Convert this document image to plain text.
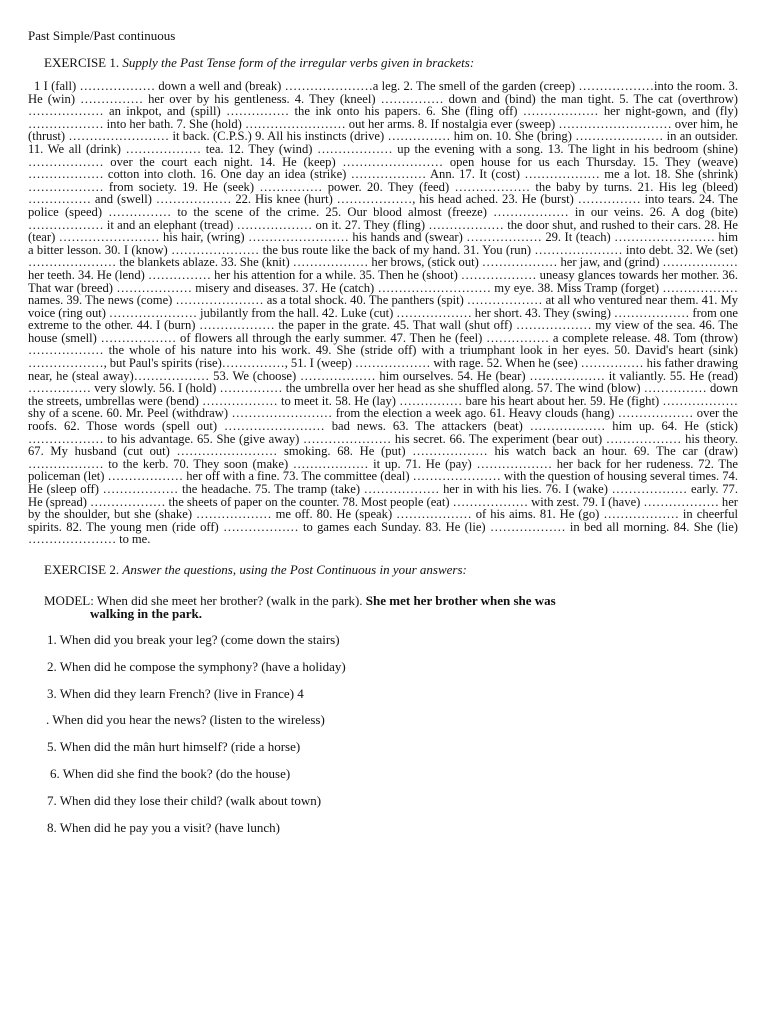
Past Simple/Past continuous
EXERCISE 1. Supply the Past Tense form of the irregular verbs given in brackets:
1 I (fall) ……………… down a well and (break) …………………a leg. 2. The smell of the garden (creep) ………………into the room. 3. He (win) …………… her over by his gentleness. 4. They (kneel) …………… down and (bind) the man tight. 5. The cat (overthrow) ……………… an inkpot, and (spill) …………… the ink onto his papers. 6. She (fling off) ……………… her night-gown, and (fly) ……………… into her bath. 7. She (hold) …………………… out her arms. 8. If nostalgia ever (sweep) ……………………… over him, he (thrust) …………………… it back. (C.P.S.) 9. All his instincts (drive) …………… him on. 10. She (bring) ………………… in an outsider. 11. We all (drink) ……………… tea. 12. They (wind) ……………… up the evening with a song. 13. The light in his bedroom (shine) ……………… over the court each night. 14. He (keep) …………………… open house for us each Thursday. 15. They (weave) ……………… cotton into cloth. 16. One day an idea (strike) ……………… Ann. 17. It (cost) ……………… me a lot. 18. She (shrink) ……………… from society. 19. He (seek) …………… power. 20. They (feed) ……………… the baby by turns. 21. His leg (bleed) …………… and (swell) ……………… 22. His knee (hurt) ………………, his head ached. 23. He (burst) …………… into tears. 24. The police (speed) …………… to the scene of the crime. 25. Our blood almost (freeze) ……………… in our veins. 26. A dog (bite) ……………… it and an elephant (tread) ……………… on it. 27. They (fling) ……………… the door shut, and rushed to their cars. 28. He (tear) …………………… his hair, (wring) …………………… his hands and (swear) ……………… 29. It (teach) …………………… him a bitter lesson. 30. I (know) ………………… the bus route like the back of my hand. 31. You (run) ………………… into debt. 32. We (set) ………………… the blankets ablaze. 33. She (knit) ……………… her brows, (stick out) ……………… her jaw, and (grind) ……………… her teeth. 34. He (lend) …………… her his attention for a while. 35. Then he (shoot) ……………… uneasy glances towards her mother. 36. That war (breed) ……………… misery and diseases. 37. He (catch) ……………………… my eye. 38. Miss Tramp (forget) ……………… names. 39. The news (come) ………………… as a total shock. 40. The panthers (spit) ……………… at all who ventured near them. 41. My voice (ring out) ………………… jubilantly from the hall. 42. Luke (cut) ……………… her short. 43. They (swing) ……………… from one extreme to the other. 44. I (burn) ……………… the paper in the grate. 45. That wall (shut off) ……………… my view of the sea. 46. The house (smell) ……………… of flowers all through the early summer. 47. Then he (feel) …………… a complete release. 48. Tom (throw) ……………… the whole of his nature into his work. 49. She (stride off) with a triumphant look in her eyes. 50. David's heart (sink) ………………, but Paul's spirits (rise)……………, 51. I (weep) ……………… with rage. 52. When he (see) …………… his father drawing near, he (steal away)……………… 53. We (choose) ……………… him ourselves. 54. He (bear) ……………… it valiantly. 55. He (read) …………… very slowly. 56. I (hold) …………… the umbrella over her head as she shuffled along. 57. The wind (blow) …………… down the streets, umbrellas were (bend) ……………… to meet it. 58. He (lay) …………… bare his heart about her. 59. He (fight) ……………… shy of a scene. 60. Mr. Peel (withdraw) …………………… from the election a week ago. 61. Heavy clouds (hang) ……………… over the roofs. 62. Those words (spell out) …………………… bad news. 63. The attackers (beat) ……………… him up. 64. He (stick) ……………… to his advantage. 65. She (give away) ………………… his secret. 66. The experiment (bear out) ……………… his theory. 67. My husband (cut out) …………………… smoking. 68. He (put) ……………… his watch back an hour. 69. The car (draw) ……………… to the kerb. 70. They soon (make) ……………… it up. 71. He (pay) ……………… her back for her rudeness. 72. The policeman (let) ……………… her off with a fine. 73. The committee (deal) ………………… with the question of housing several times. 74. He (sleep off) ……………… the headache. 75. The tramp (take) ……………… her in with his lies. 76. I (wake) ……………… early. 77. He (spread) ……………… the sheets of paper on the counter. 78. Most people (eat) ……………… with zest. 79. I (have) ……………… her by the shoulder, but she (shake) ……………… me off. 80. He (speak) ……………… of his aims. 81. He (go) ……………… in cheerful spirits. 82. The young men (ride off) ……………… to games each Sunday. 83. He (lie) ……………… in bed all morning. 84. She (lie) ………………… to me.
EXERCISE 2. Answer the questions, using the Post Continuous in your answers:
MODEL: When did she meet her brother? (walk in the park). She met her brother when she was
walking in the park.
1. When did you break your leg? (come down the stairs)
2. When did he compose the symphony? (have a holiday)
3. When did they learn French? (live in France) 4
. When did you hear the news? (listen to the wireless)
5. When did the mân hurt himself? (ride a horse)
6. When did she find the book? (do the house)
7. When did they lose their child? (walk about town)
8. When did he pay you a visit? (have lunch)
